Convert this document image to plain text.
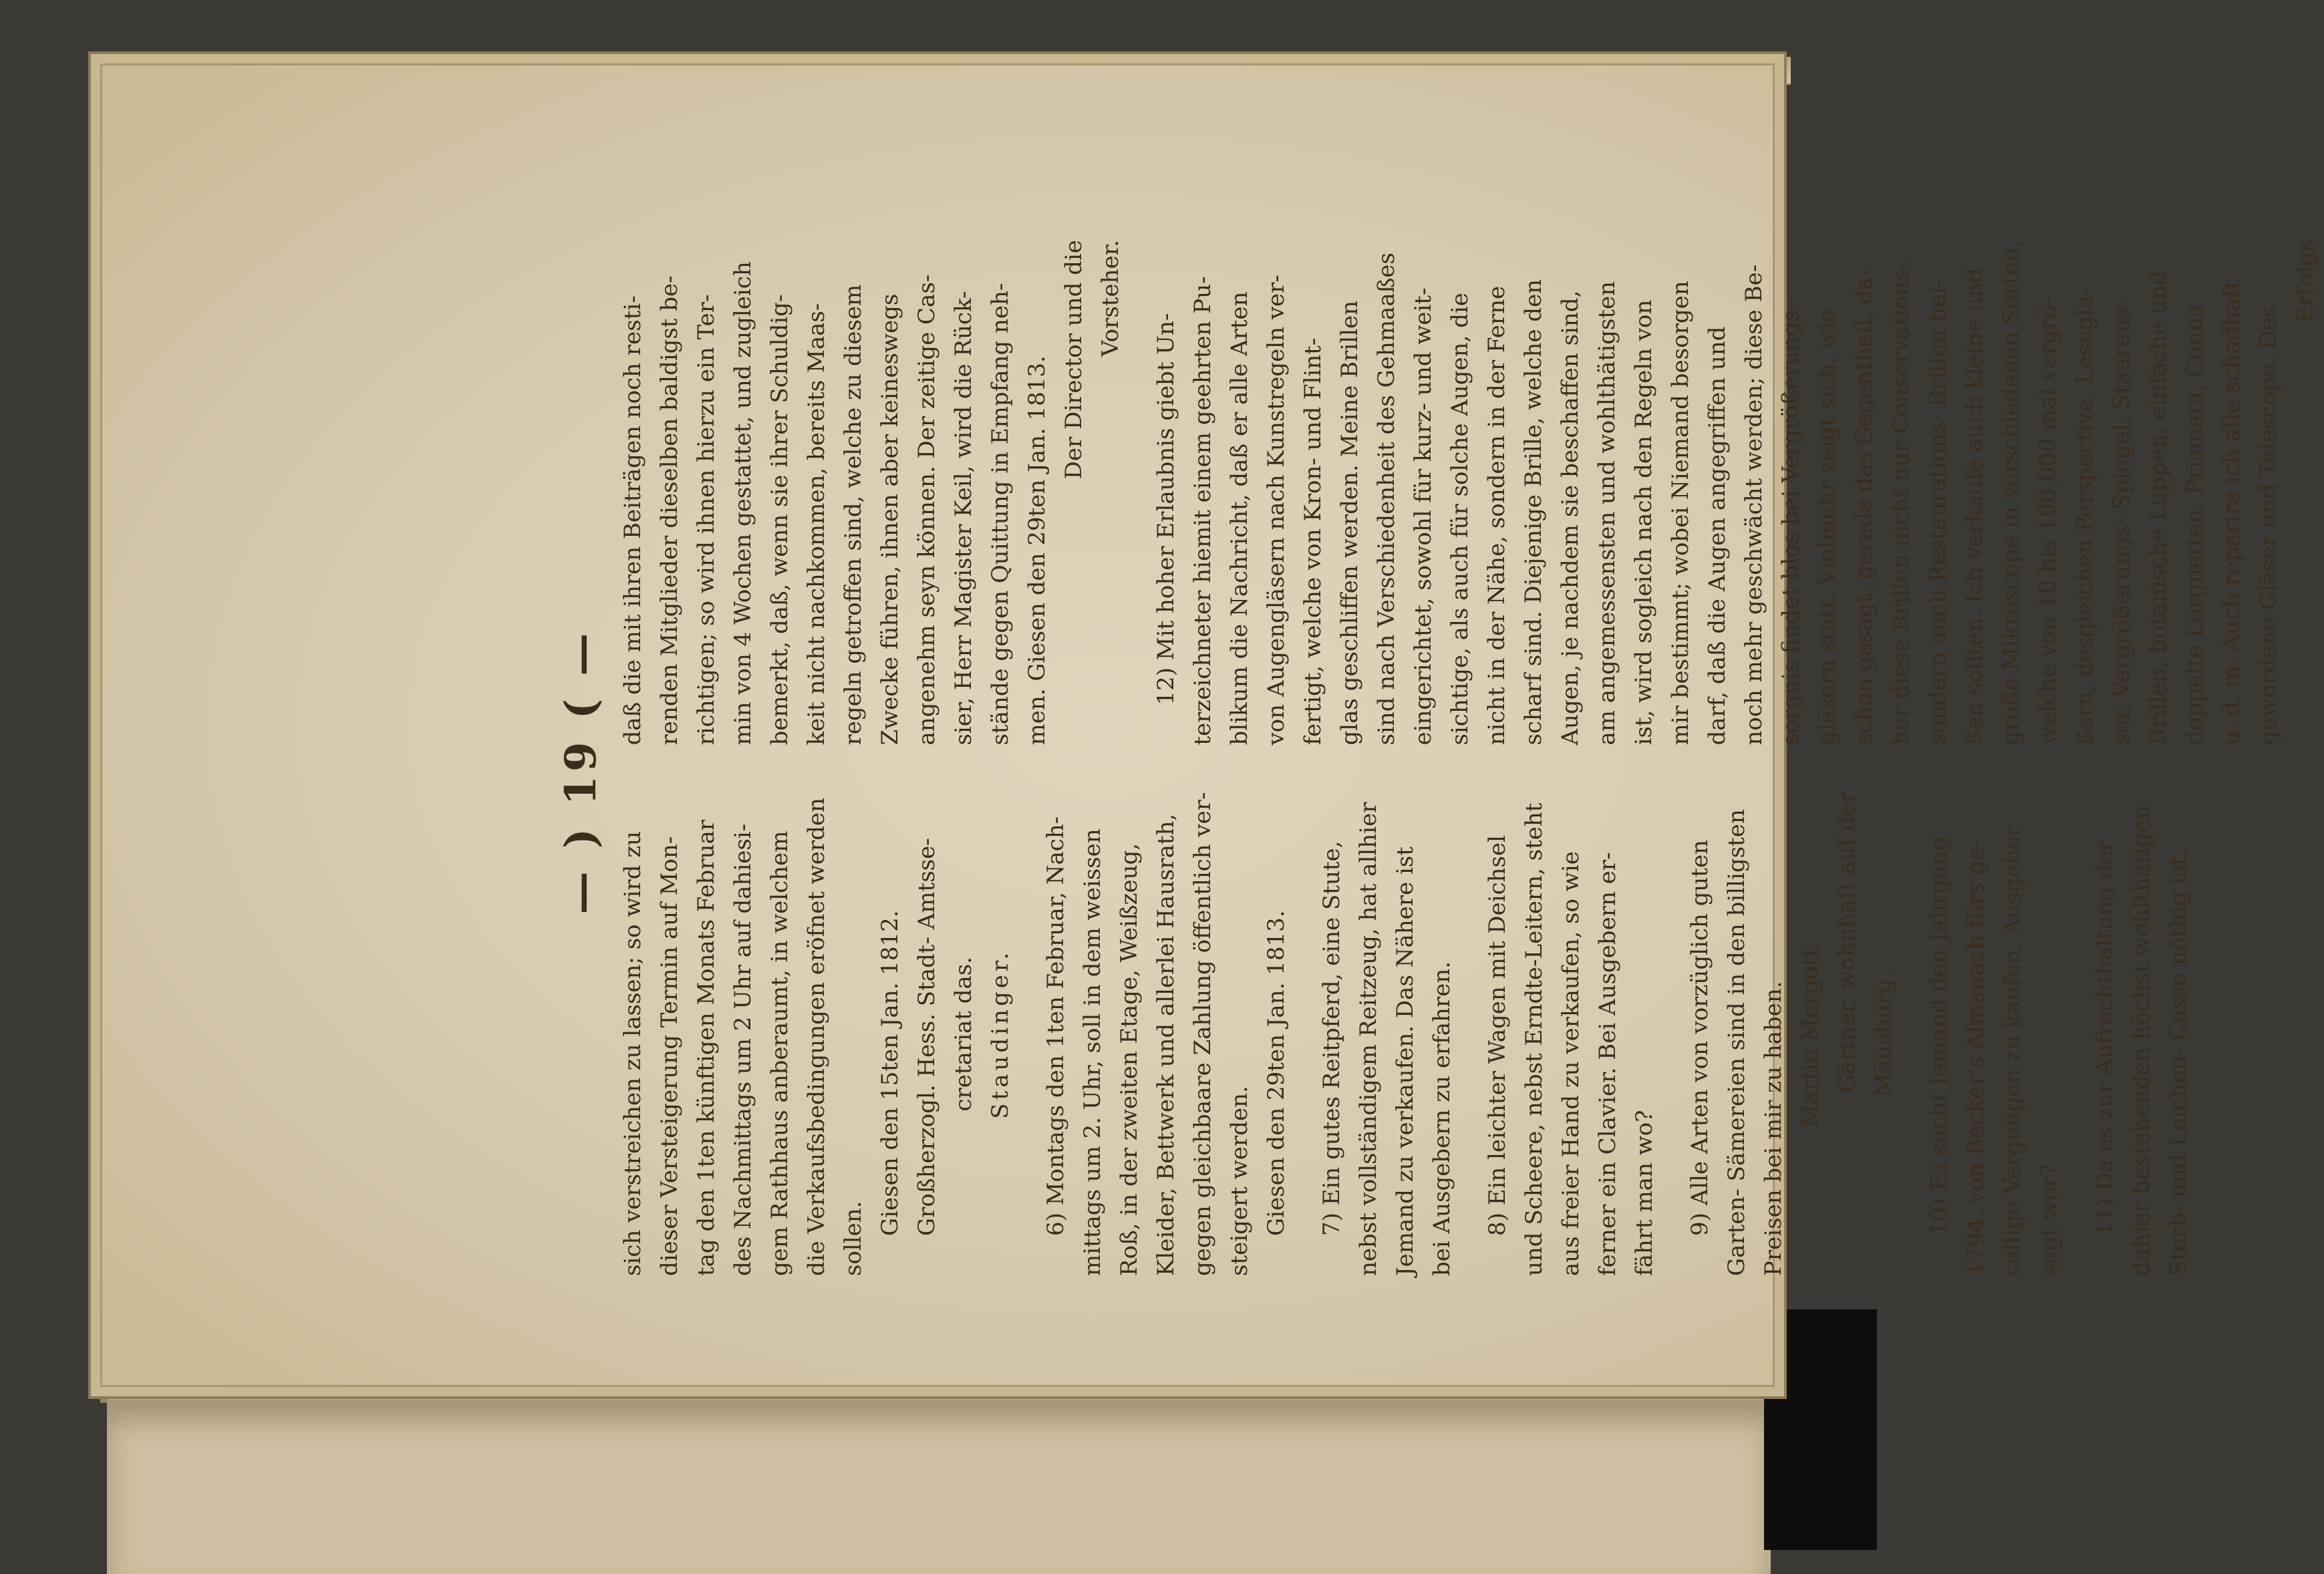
— ) 19 ( —
sich verstreichen zu lassen; so wird zu dieser Versteigerung Termin auf Mon- tag den 1ten künftigen Monats Februar des Nachmittags um 2 Uhr auf dahiesi- gem Rathhaus anberaumt, in welchem die Verkaufsbedingungen eröfnet werden sollen.
Giesen den 15ten Jan. 1812. Großherzogl. Hess. Stadt- Amtsse- cretariat das. Staudinger. 6) Montags den 1ten Februar, Nach- mittags um 2. Uhr, soll in dem weissen Roß, in der zweiten Etage, Weißzeug, Kleider, Bettwerk und allerlei Hausrath, gegen gleichbaare Zahlung öffentlich ver- steigert werden. Giesen den 29ten Jan. 1813. 7) Ein gutes Reitpferd, eine Stute, nebst vollständigem Reitzeug, hat allhier Jemand zu verkaufen. Das Nähere ist bei Ausgebern zu erfahren. 8) Ein leichter Wagen mit Deichsel und Scheere, nebst Erndte-Leitern, steht aus freier Hand zu verkaufen, so wie ferner ein Clavier. Bei Ausgebern er- fährt man wo? 9) Alle Arten von vorzüglich guten Garten- Sämereien sind in den billigsten Preisen bei mir zu haben. Martin Mergott, Gärtner, wohnhaft auf der Mäusburg. 10) Es sucht Jemand den Jahrgang 1794. von Becker's Almanach fürs ge- sellige Vergnügen zu kaufen. Ausgeber sagt wer? 11) Da es zur Aufrechthaltung der dahier bestehenden höchst wohlthätigen Sterb- und Leichen- Casse nöthig ist,
daß die mit ihren Beiträgen noch resti- renden Mitglieder dieselben baldigst be- richtigen; so wird ihnen hierzu ein Ter- min von 4 Wochen gestattet, und zugleich bemerkt, daß, wenn sie ihrer Schuldig- keit nicht nachkommen, bereits Maas- regeln getroffen sind, welche zu diesem Zwecke führen, ihnen aber keineswegs angenehm seyn können. Der zeitige Cas- sier, Herr Magister Keil, wird die Rück- stände gegen Quittung in Empfang neh- men. Giesen den 29ten Jan. 1813. Der Director und die Vorsteher.
12) Mit hoher Erlaubnis giebt Un- terzeichneter hiemit einem geehrten Pu- blikum die Nachricht, daß er alle Arten von Augengläsern nach Kunstregeln ver- fertigt, welche von Kron- und Flint- glas geschliffen werden. Meine Brillen sind nach Verschiedenheit des Gehmaaßes eingerichtet, sowohl für kurz- und weit- sichtige, als auch für solche Augen, die nicht in der Nähe, sondern in der Ferne scharf sind. Diejenige Brille, welche den Augen, je nachdem sie beschaffen sind, am angemessensten und wohlthätigsten ist, wird sogleich nach den Regeln von mir bestimmt; wobei Niemand besorgen darf, daß die Augen angegriffen und noch mehr geschwächt werden; diese Be- sorgnis findet blos bei Vergrößerungs- gläsern statt. Vielmehr zeigt sich, wie schon gesagt, gerade das Gegentheil, da- her diese Brillen nicht nur Conservations-, sondern auch Restaurations- Brillen hei- ßen sollten. Ich verkaufe auch kleine und große Mikroscope in verschiedenen Sorten, welche von 10 bis 100,000 mal vergrö- ßern, desgleichen Perspective, Lesegla- ser, Vergrößerungs- Spiegel, Staarens- Brillen, botanische Luppen, einfache und doppelte Lorgnetten, Prismata, Conus u. d. m. Auch reparire ich alle schadhaft gewordene Gläser und Telescope. Des
Erfolgs
